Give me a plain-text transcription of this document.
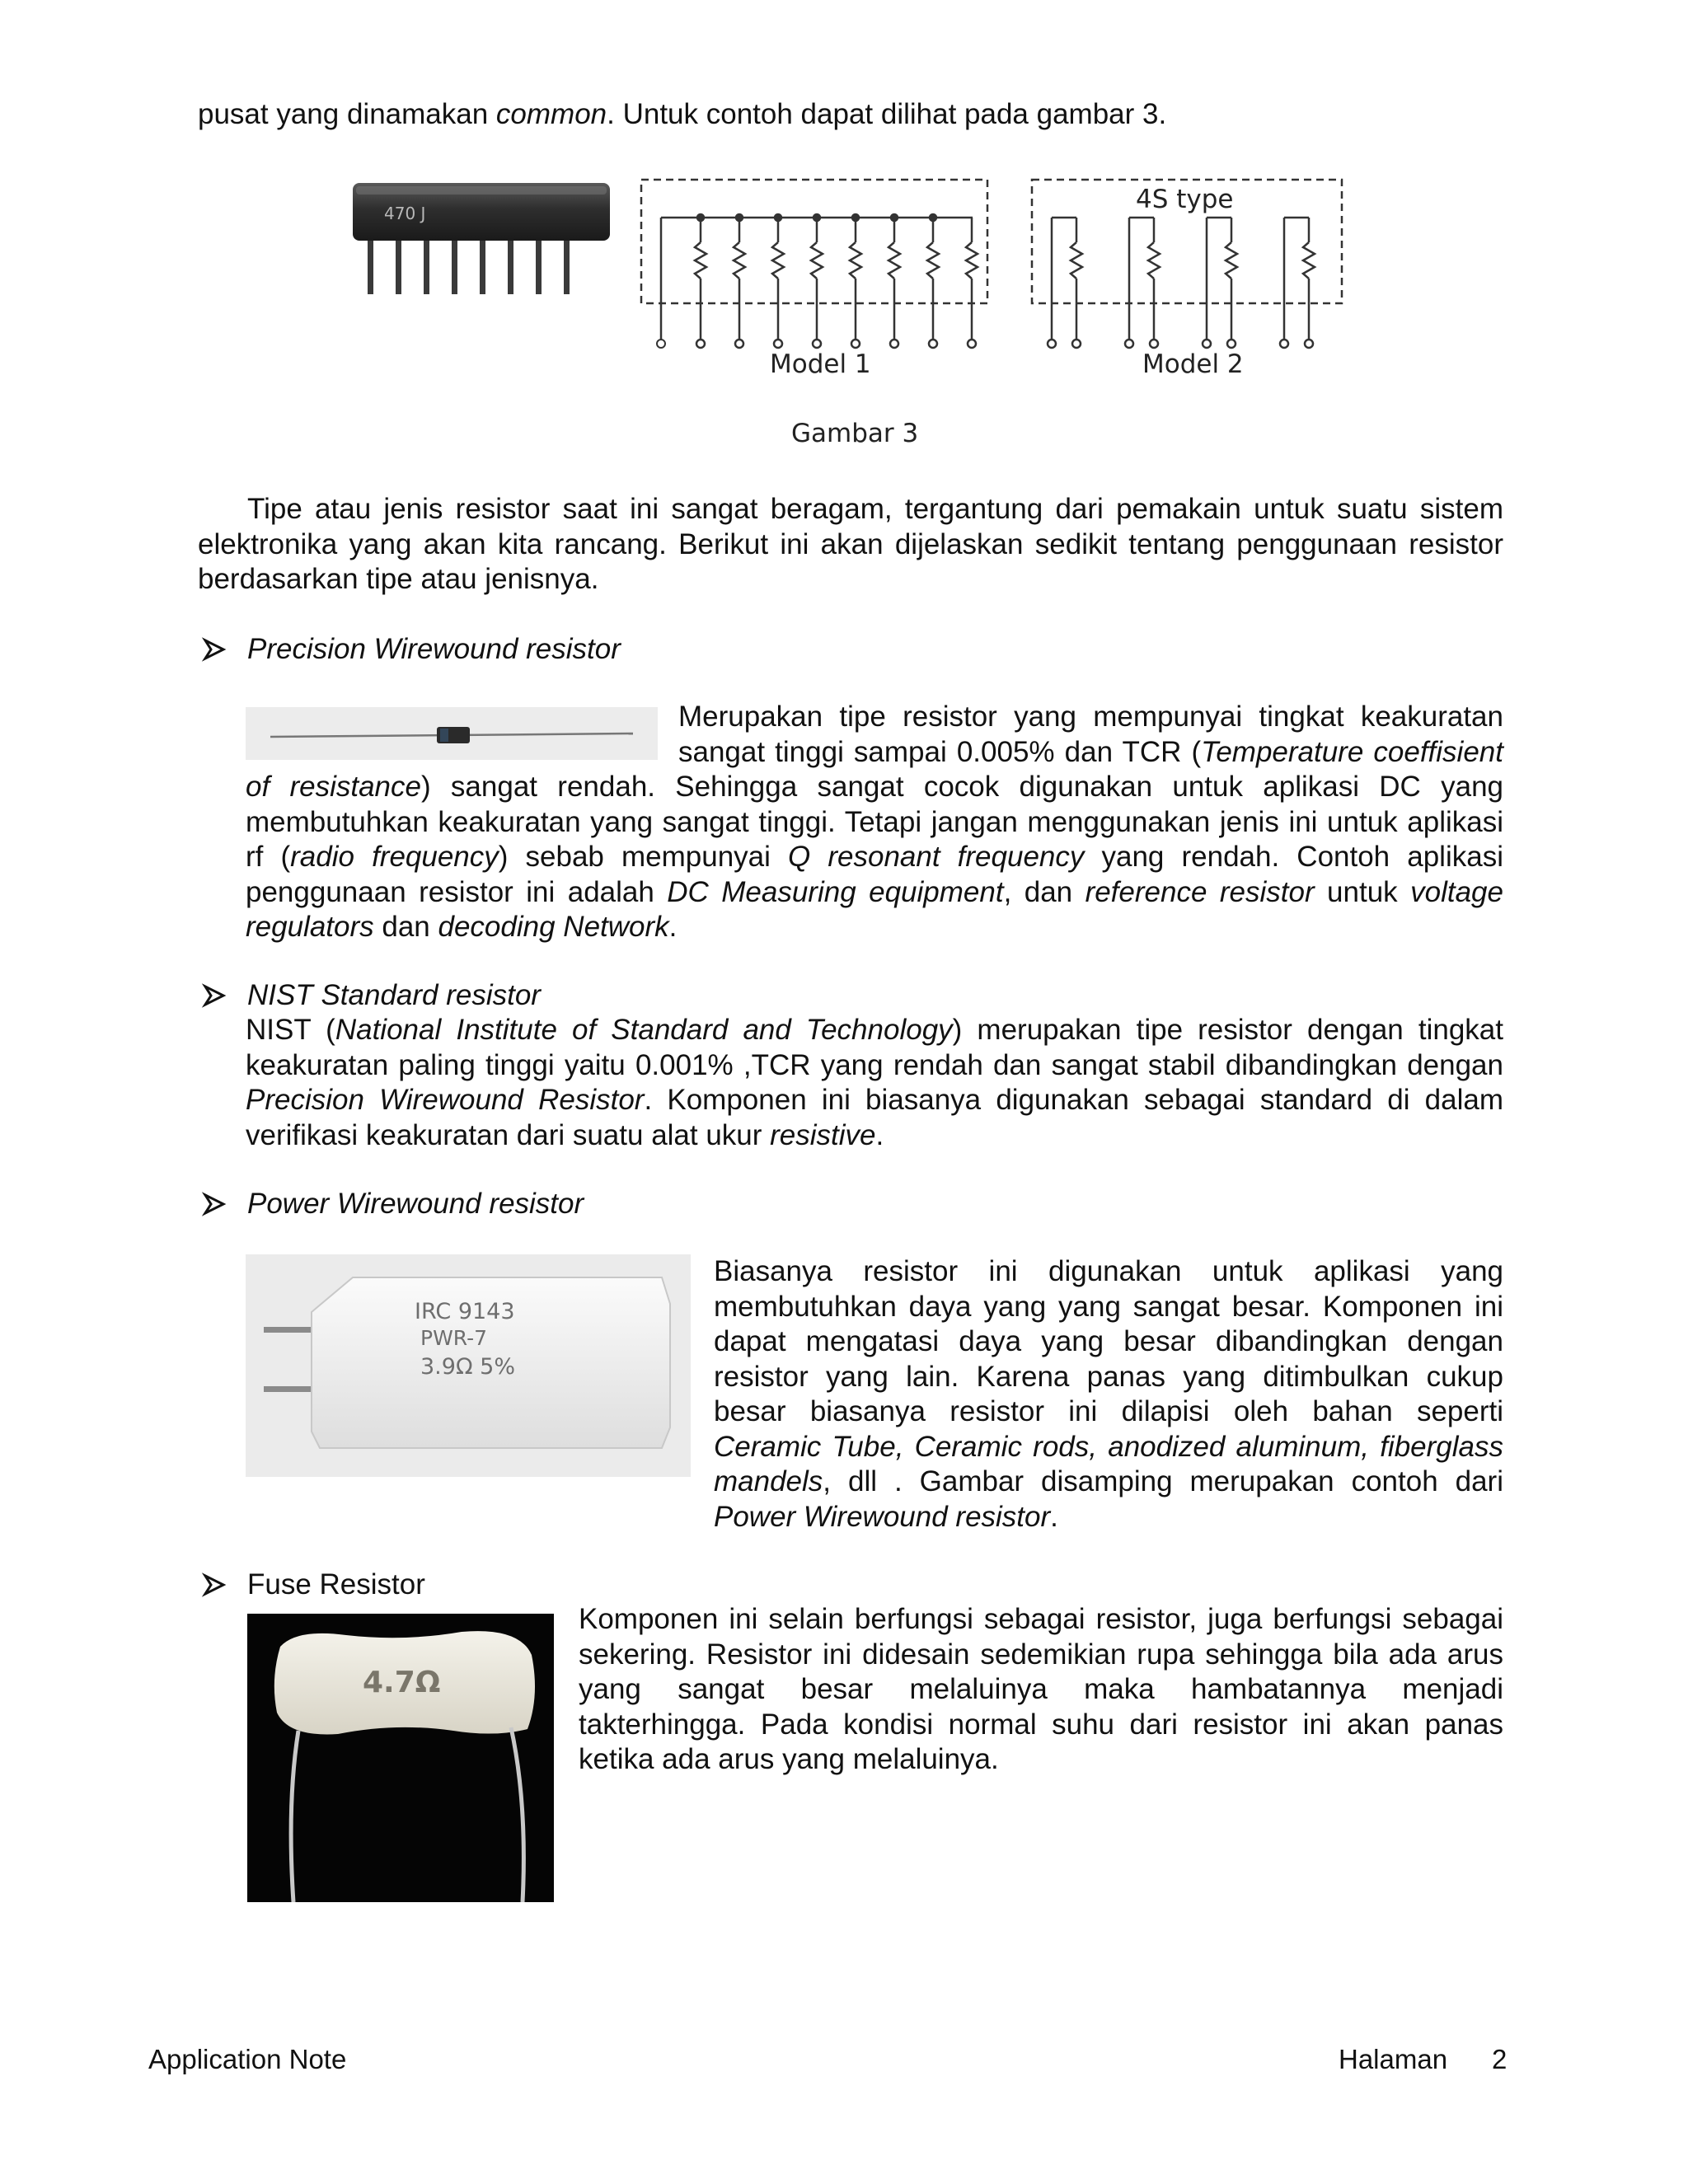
pusat yang dinamakan common. Untuk contoh dapat dilihat pada gambar 3.

470 J
Model 1
4S type
Model 2
Gambar 3

Tipe atau jenis resistor saat ini sangat beragam, tergantung dari pemakain untuk suatu sistem elektronika yang akan kita rancang. Berikut ini akan dijelaskan sedikit tentang penggunaan resistor berdasarkan tipe atau jenisnya.

Precision Wirewound resistor

Merupakan tipe resistor yang mempunyai tingkat keakuratan sangat tinggi sampai 0.005% dan TCR (Temperature coeffisient of resistance) sangat rendah. Sehingga sangat cocok digunakan untuk aplikasi DC yang membutuhkan keakuratan yang sangat tinggi. Tetapi jangan menggunakan jenis ini untuk aplikasi rf (radio frequency) sebab mempunyai Q resonant frequency yang rendah. Contoh aplikasi penggunaan resistor ini adalah DC Measuring equipment, dan reference resistor untuk voltage regulators dan decoding Network.

NIST Standard resistor

NIST (National Institute of Standard and Technology) merupakan tipe resistor dengan tingkat keakuratan paling tinggi yaitu 0.001% ,TCR yang rendah dan sangat stabil dibandingkan dengan Precision Wirewound Resistor. Komponen ini biasanya digunakan sebagai standard di dalam verifikasi keakuratan dari suatu alat ukur resistive.

Power Wirewound resistor
IRC 9143
PWR-7
3.9Ω 5%

Biasanya resistor ini digunakan untuk aplikasi yang membutuhkan daya yang yang sangat besar. Komponen ini dapat mengatasi daya yang besar dibandingkan dengan resistor yang lain. Karena panas yang ditimbulkan cukup besar biasanya resistor ini dilapisi oleh bahan seperti Ceramic Tube, Ceramic rods, anodized aluminum, fiberglass mandels, dll . Gambar disamping merupakan contoh dari Power Wirewound resistor.

Fuse Resistor
4.7Ω

Komponen ini selain berfungsi sebagai resistor, juga berfungsi sebagai sekering. Resistor ini didesain sedemikian rupa sehingga bila ada arus yang sangat besar melaluinya maka hambatannya menjadi takterhingga. Pada kondisi normal suhu dari resistor ini akan panas ketika ada arus yang melaluinya.

Application Note	Halaman 2
